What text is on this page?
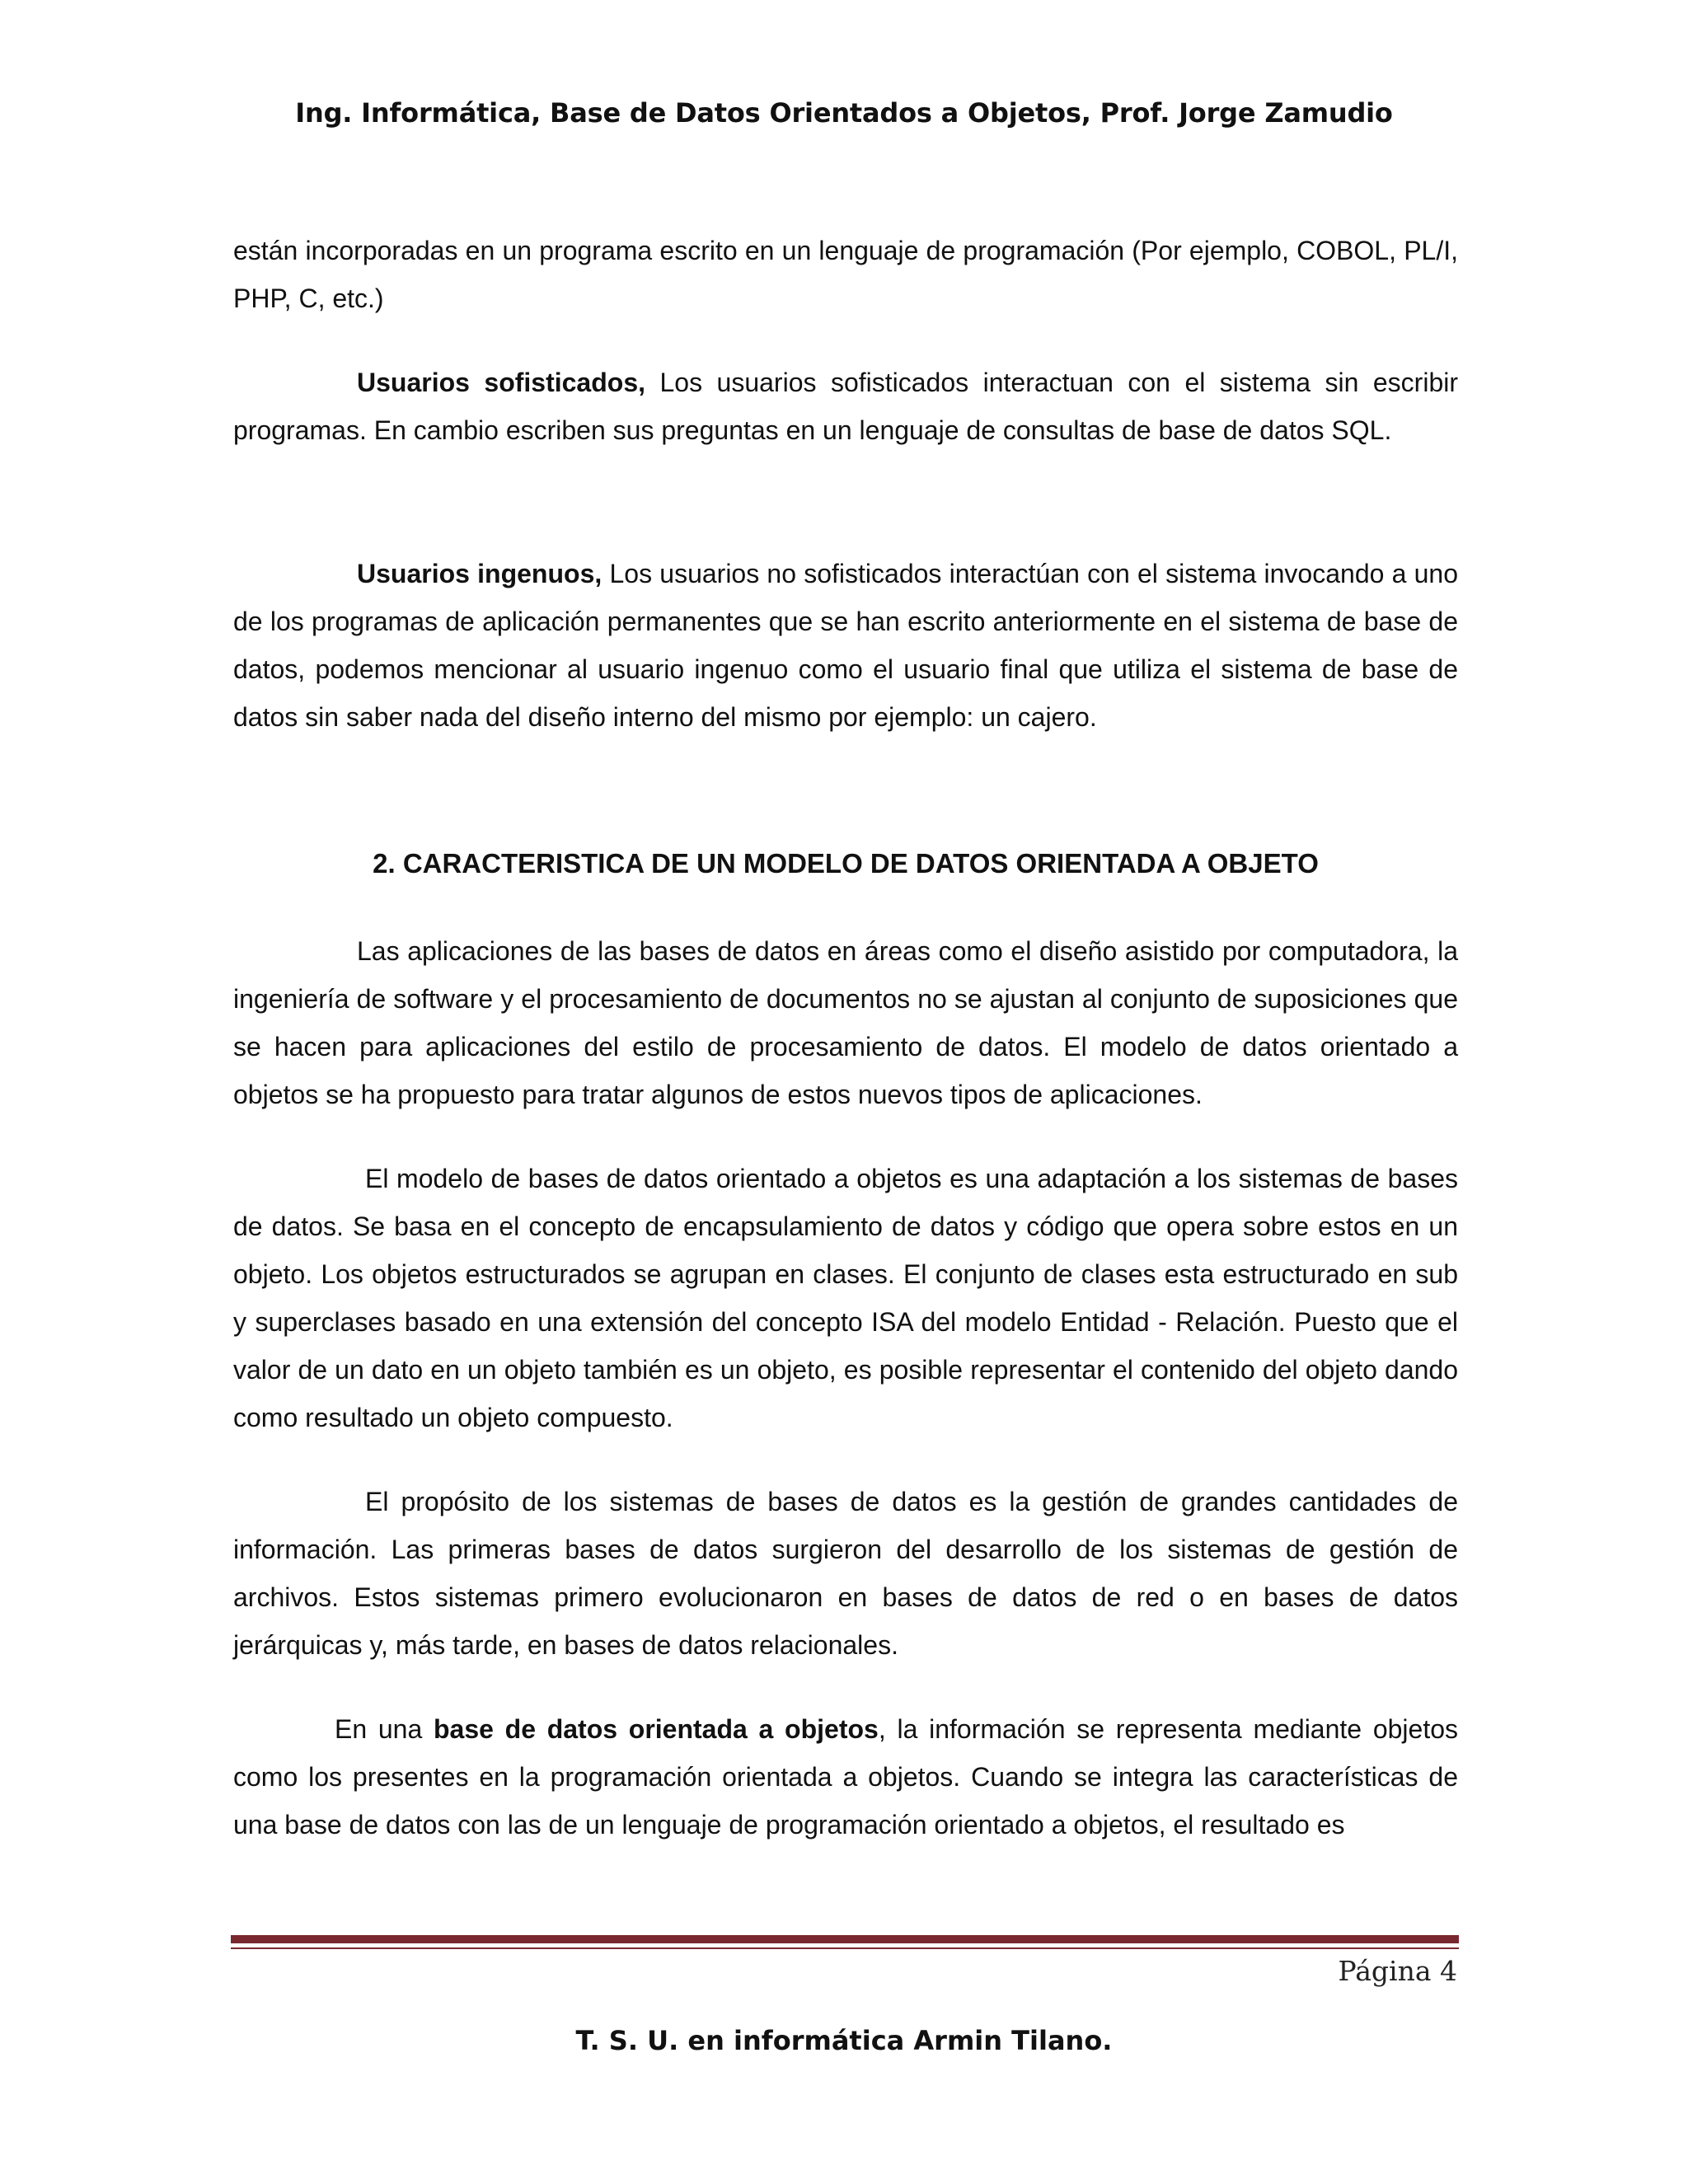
Ing. Informática, Base de Datos Orientados a Objetos, Prof. Jorge Zamudio

están incorporadas en un programa escrito en un lenguaje de programación (Por ejemplo, COBOL, PL/I, PHP, C, etc.)

Usuarios sofisticados, Los usuarios sofisticados interactuan con el sistema sin escribir programas. En cambio escriben sus preguntas en un lenguaje de consultas de base de datos SQL.

Usuarios ingenuos, Los usuarios no sofisticados interactúan con el sistema invocando a uno de los programas de aplicación permanentes que se han escrito anteriormente en el sistema de base de datos, podemos mencionar al usuario ingenuo como el usuario final que utiliza el sistema de base de datos sin saber nada del diseño interno del mismo por ejemplo: un cajero.

2. CARACTERISTICA DE UN MODELO DE DATOS ORIENTADA A OBJETO

Las aplicaciones de las bases de datos en áreas como el diseño asistido por computadora, la ingeniería de software y el procesamiento de documentos no se ajustan al conjunto de suposiciones que se hacen para aplicaciones del estilo de procesamiento de datos. El modelo de datos orientado a objetos se ha propuesto para tratar algunos de estos nuevos tipos de aplicaciones.

El modelo de bases de datos orientado a objetos es una adaptación a los sistemas de bases de datos. Se basa en el concepto de encapsulamiento de datos y código que opera sobre estos en un objeto. Los objetos estructurados se agrupan en clases. El conjunto de clases esta estructurado en sub y superclases basado en una extensión del concepto ISA del modelo Entidad - Relación. Puesto que el valor de un dato en un objeto también es un objeto, es posible representar el contenido del objeto dando como resultado un objeto compuesto.

El propósito de los sistemas de bases de datos es la gestión de grandes cantidades de información. Las primeras bases de datos surgieron del desarrollo de los sistemas de gestión de archivos. Estos sistemas primero evolucionaron en bases de datos de red o en bases de datos jerárquicas y, más tarde, en bases de datos relacionales.

En una base de datos orientada a objetos, la información se representa mediante objetos como los presentes en la programación orientada a objetos. Cuando se integra las características de una base de datos con las de un lenguaje de programación orientado a objetos, el resultado es

Página 4
T. S. U. en informática Armin Tilano.
